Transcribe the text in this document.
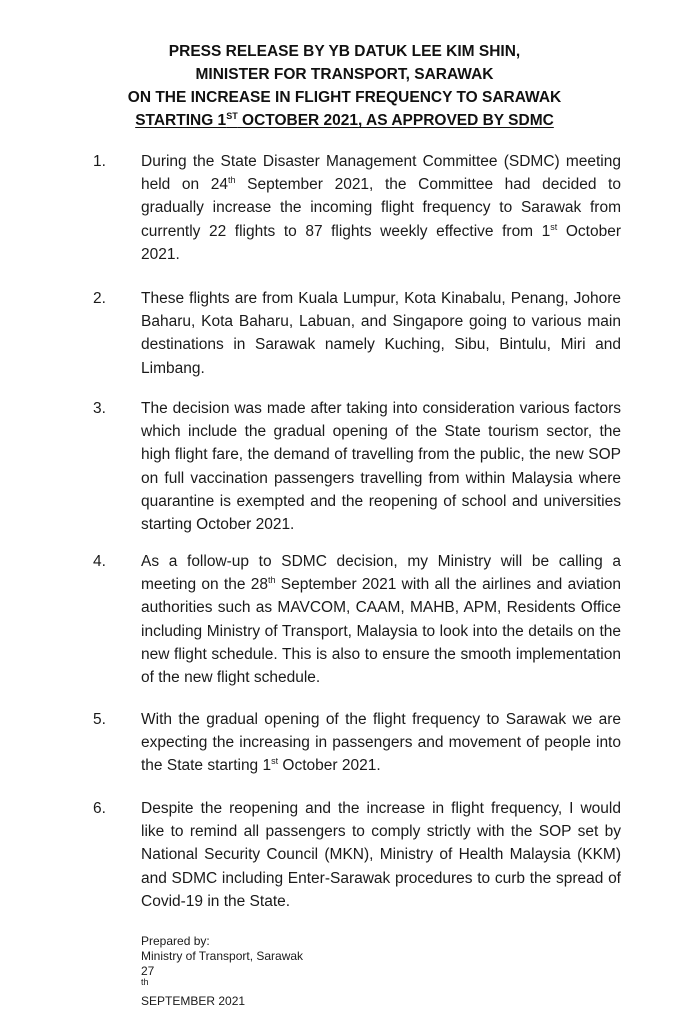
PRESS RELEASE BY YB DATUK LEE KIM SHIN,
MINISTER FOR TRANSPORT, SARAWAK
ON THE INCREASE IN FLIGHT FREQUENCY TO SARAWAK
STARTING 1ST OCTOBER 2021, AS APPROVED BY SDMC
1. During the State Disaster Management Committee (SDMC) meeting held on 24th September 2021, the Committee had decided to gradually increase the incoming flight frequency to Sarawak from currently 22 flights to 87 flights weekly effective from 1st October 2021.
2. These flights are from Kuala Lumpur, Kota Kinabalu, Penang, Johore Baharu, Kota Baharu, Labuan, and Singapore going to various main destinations in Sarawak namely Kuching, Sibu, Bintulu, Miri and Limbang.
3. The decision was made after taking into consideration various factors which include the gradual opening of the State tourism sector, the high flight fare, the demand of travelling from the public, the new SOP on full vaccination passengers travelling from within Malaysia where quarantine is exempted and the reopening of school and universities starting October 2021.
4. As a follow-up to SDMC decision, my Ministry will be calling a meeting on the 28th September 2021 with all the airlines and aviation authorities such as MAVCOM, CAAM, MAHB, APM, Residents Office including Ministry of Transport, Malaysia to look into the details on the new flight schedule. This is also to ensure the smooth implementation of the new flight schedule.
5. With the gradual opening of the flight frequency to Sarawak we are expecting the increasing in passengers and movement of people into the State starting 1st October 2021.
6. Despite the reopening and the increase in flight frequency, I would like to remind all passengers to comply strictly with the SOP set by National Security Council (MKN), Ministry of Health Malaysia (KKM) and SDMC including Enter-Sarawak procedures to curb the spread of Covid-19 in the State.
Prepared by:
Ministry of Transport, Sarawak
27
$^{th}$
SEPTEMBER 2021
